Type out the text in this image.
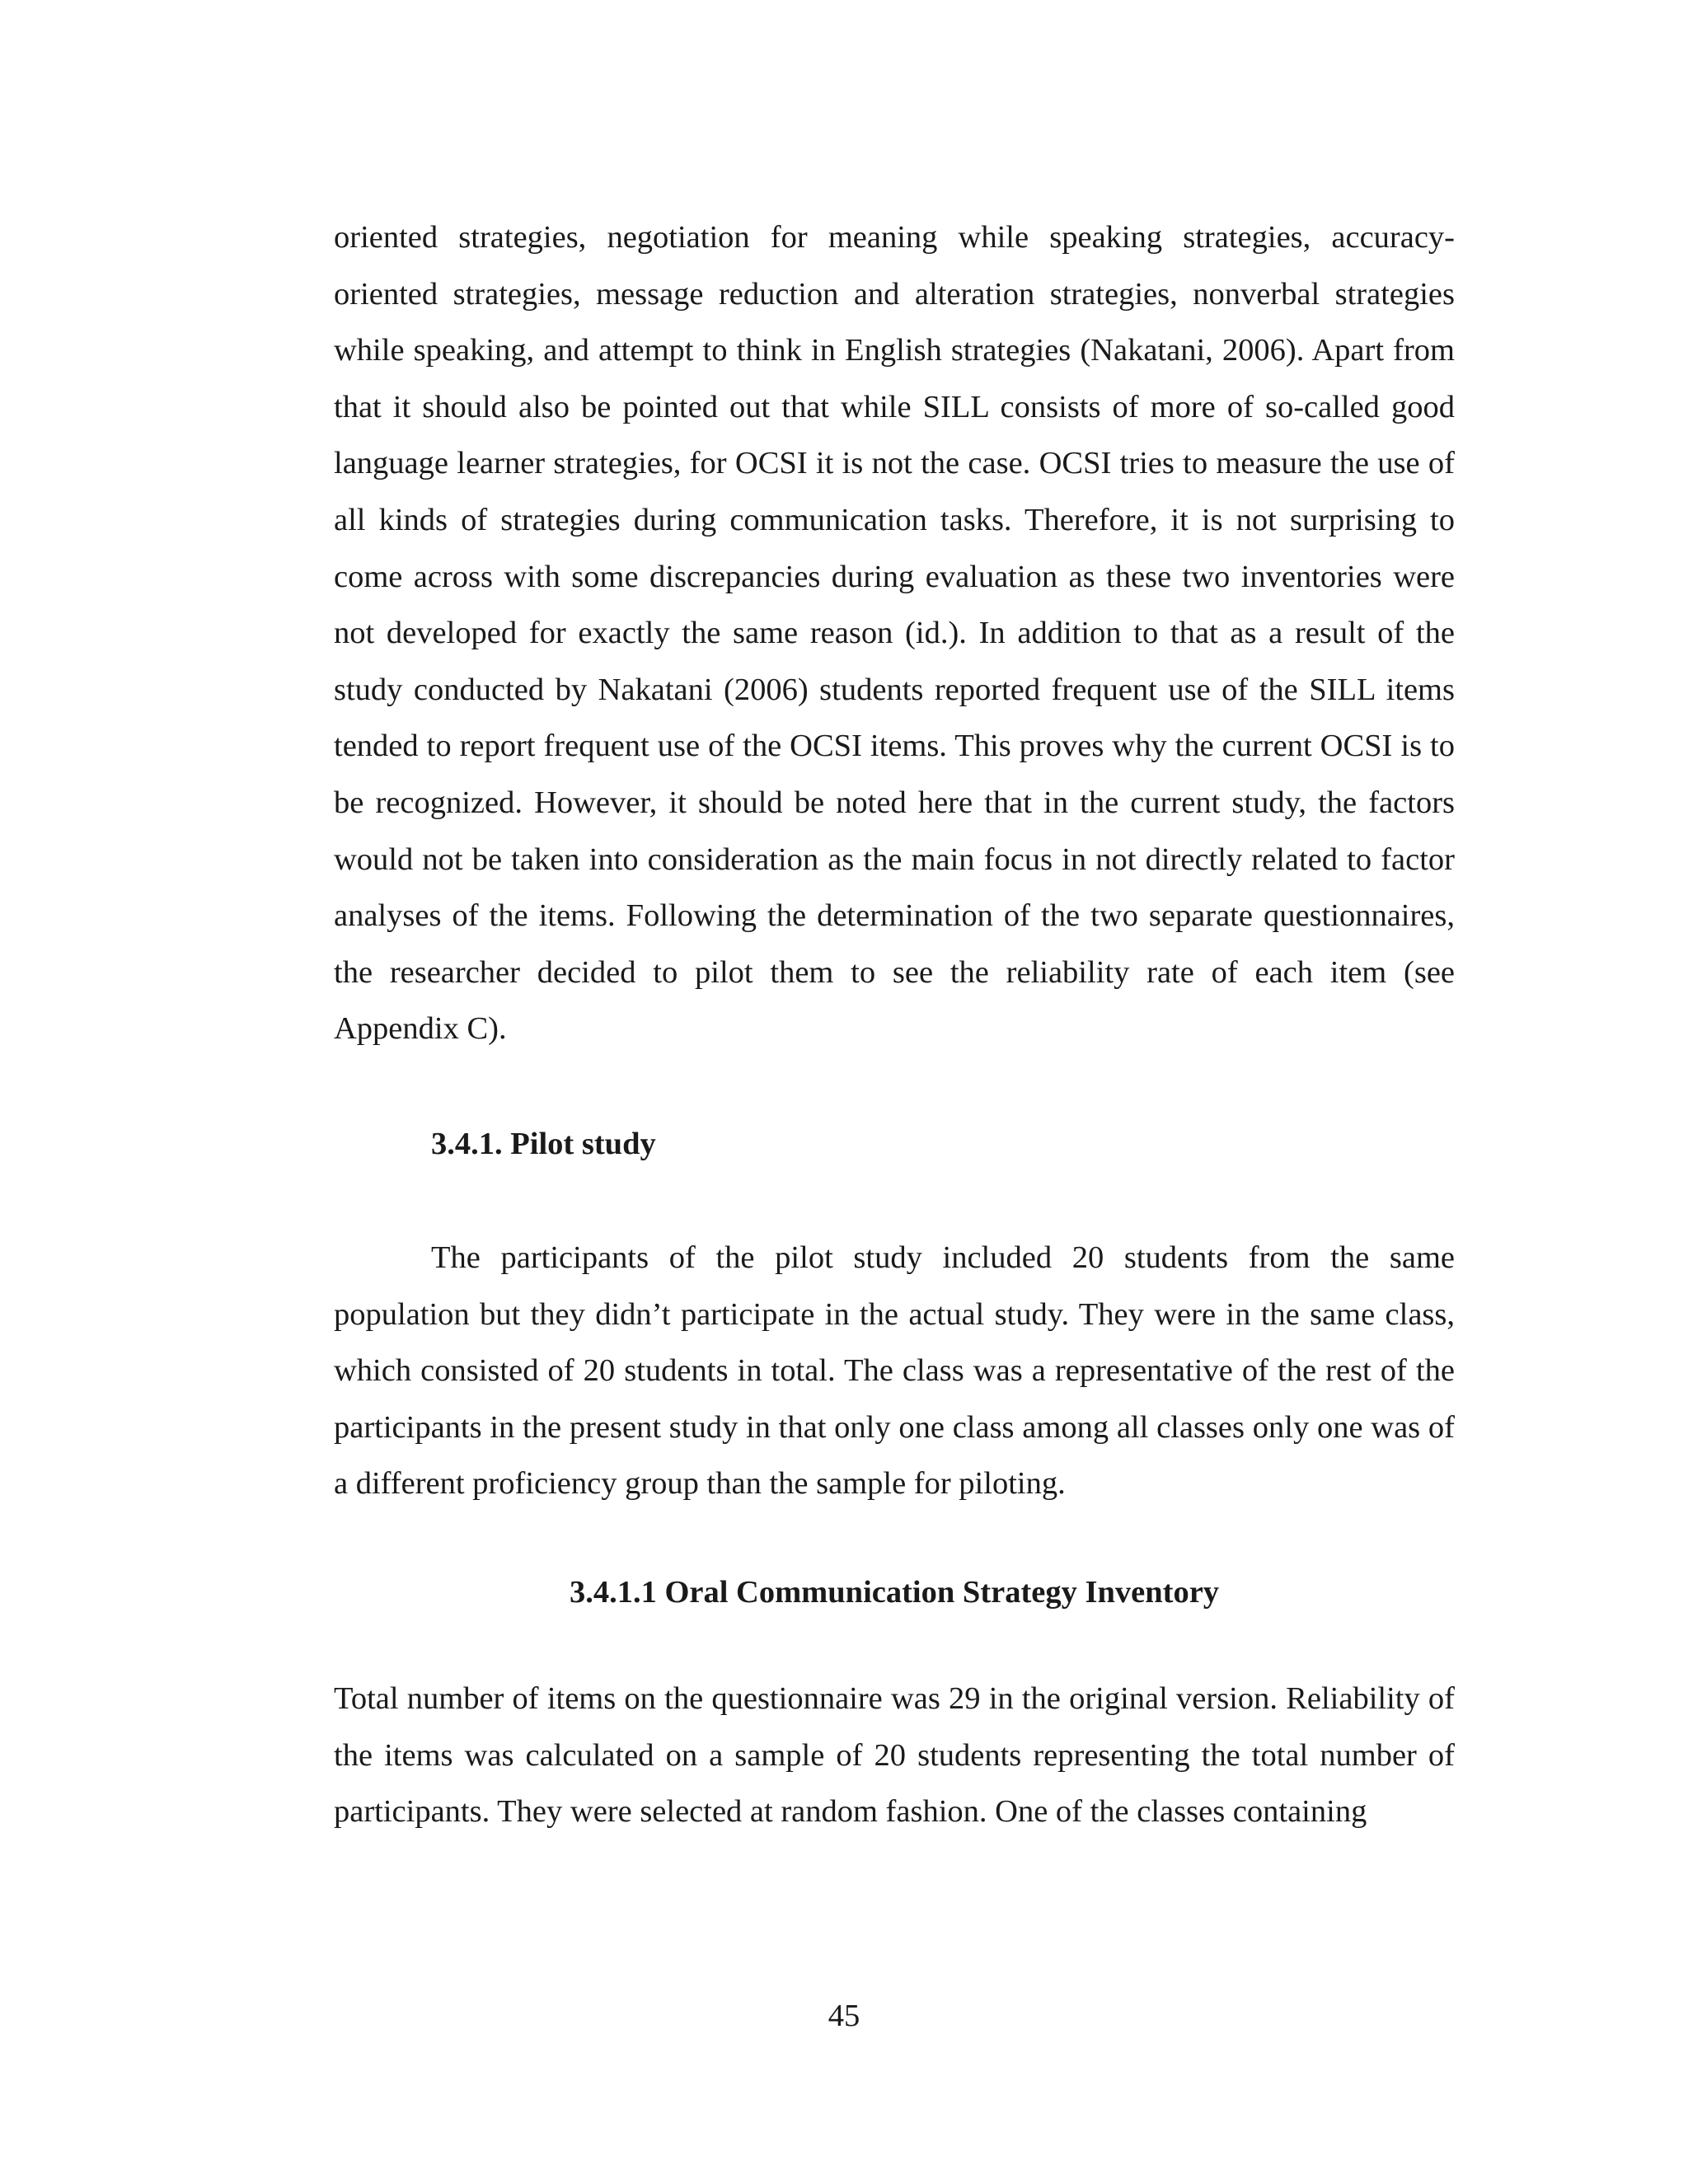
oriented strategies, negotiation for meaning while speaking strategies, accuracy-oriented strategies, message reduction and alteration strategies, nonverbal strategies while speaking, and attempt to think in English strategies (Nakatani, 2006). Apart from that it should also be pointed out that while SILL consists of more of so-called good language learner strategies, for OCSI it is not the case. OCSI tries to measure the use of all kinds of strategies during communication tasks. Therefore, it is not surprising to come across with some discrepancies during evaluation as these two inventories were not developed for exactly the same reason (id.). In addition to that as a result of the study conducted by Nakatani (2006) students reported frequent use of the SILL items tended to report frequent use of the OCSI items. This proves why the current OCSI is to be recognized. However, it should be noted here that in the current study, the factors would not be taken into consideration as the main focus in not directly related to factor analyses of the items. Following the determination of the two separate questionnaires, the researcher decided to pilot them to see the reliability rate of each item (see Appendix C).
3.4.1. Pilot study
The participants of the pilot study included 20 students from the same population but they didn’t participate in the actual study. They were in the same class, which consisted of 20 students in total. The class was a representative of the rest of the participants in the present study in that only one class among all classes only one was of a different proficiency group than the sample for piloting.
3.4.1.1 Oral Communication Strategy Inventory
Total number of items on the questionnaire was 29 in the original version. Reliability of the items was calculated on a sample of 20 students representing the total number of participants. They were selected at random fashion. One of the classes containing
45
